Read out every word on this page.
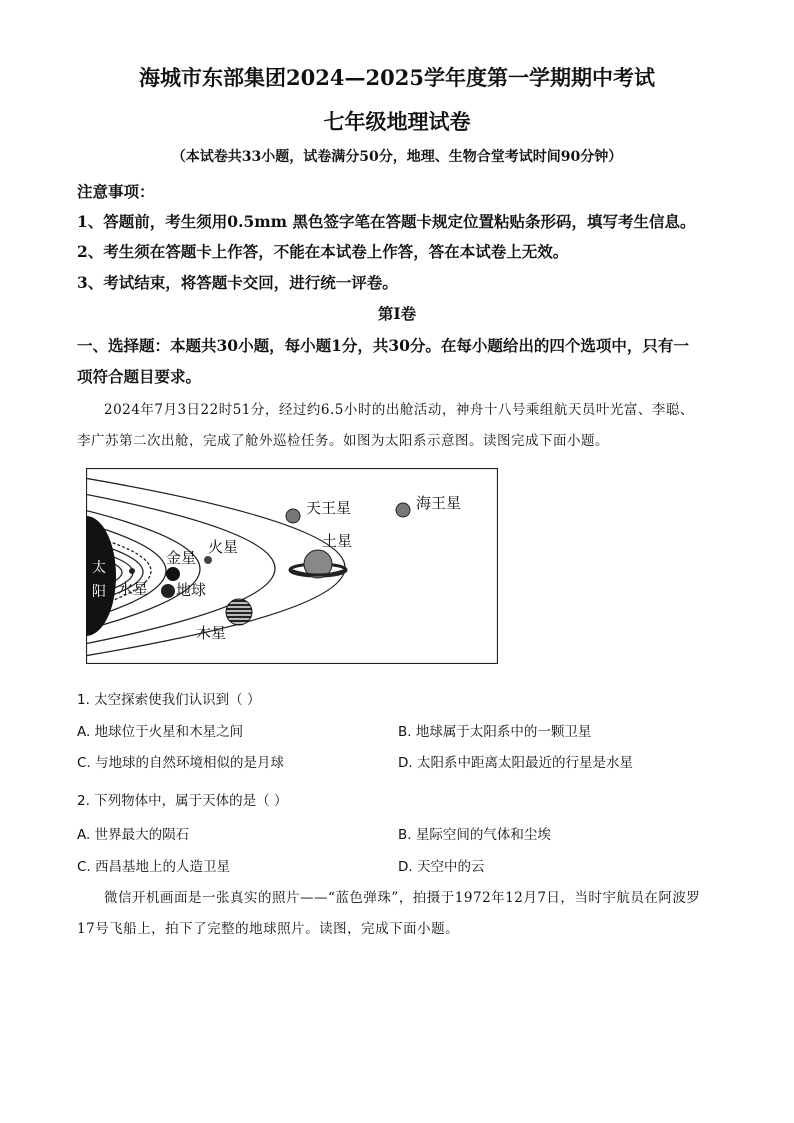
海城市东部集团2024—2025学年度第一学期期中考试
七年级地理试卷
（本试卷共33小题，试卷满分50分，地理、生物合堂考试时间90分钟）
注意事项：
1、答题前，考生须用0.5mm 黑色签字笔在答题卡规定位置粘贴条形码，填写考生信息。
2、考生须在答题卡上作答，不能在本试卷上作答，答在本试卷上无效。
3、考试结束，将答题卡交回，进行统一评卷。
第Ⅰ卷
一、选择题：本题共30小题，每小题1分，共30分。在每小题给出的四个选项中，只有一
项符合题目要求。
2024年7月3日22时51分，经过约6.5小时的出舱活动，神舟十八号乘组航天员叶光富、李聪、
李广苏第二次出舱，完成了舱外巡检任务。如图为太阳系示意图。读图完成下面小题。
太
阳 水星
金星
地球
火星
木星
土星
天王星	海王星
1. 太空探索使我们认识到（ ）
A. 地球位于火星和木星之间	B. 地球属于太阳系中的一颗卫星
C. 与地球的自然环境相似的是月球	D. 太阳系中距离太阳最近的行星是水星
2. 下列物体中，属于天体的是（ ）
A. 世界最大的陨石	B. 星际空间的气体和尘埃
C. 西昌基地上的人造卫星	D. 天空中的云
微信开机画面是一张真实的照片——“蓝色弹珠”，拍摄于1972年12月7日，当时宇航员在阿波罗
17号飞船上，拍下了完整的地球照片。读图，完成下面小题。
